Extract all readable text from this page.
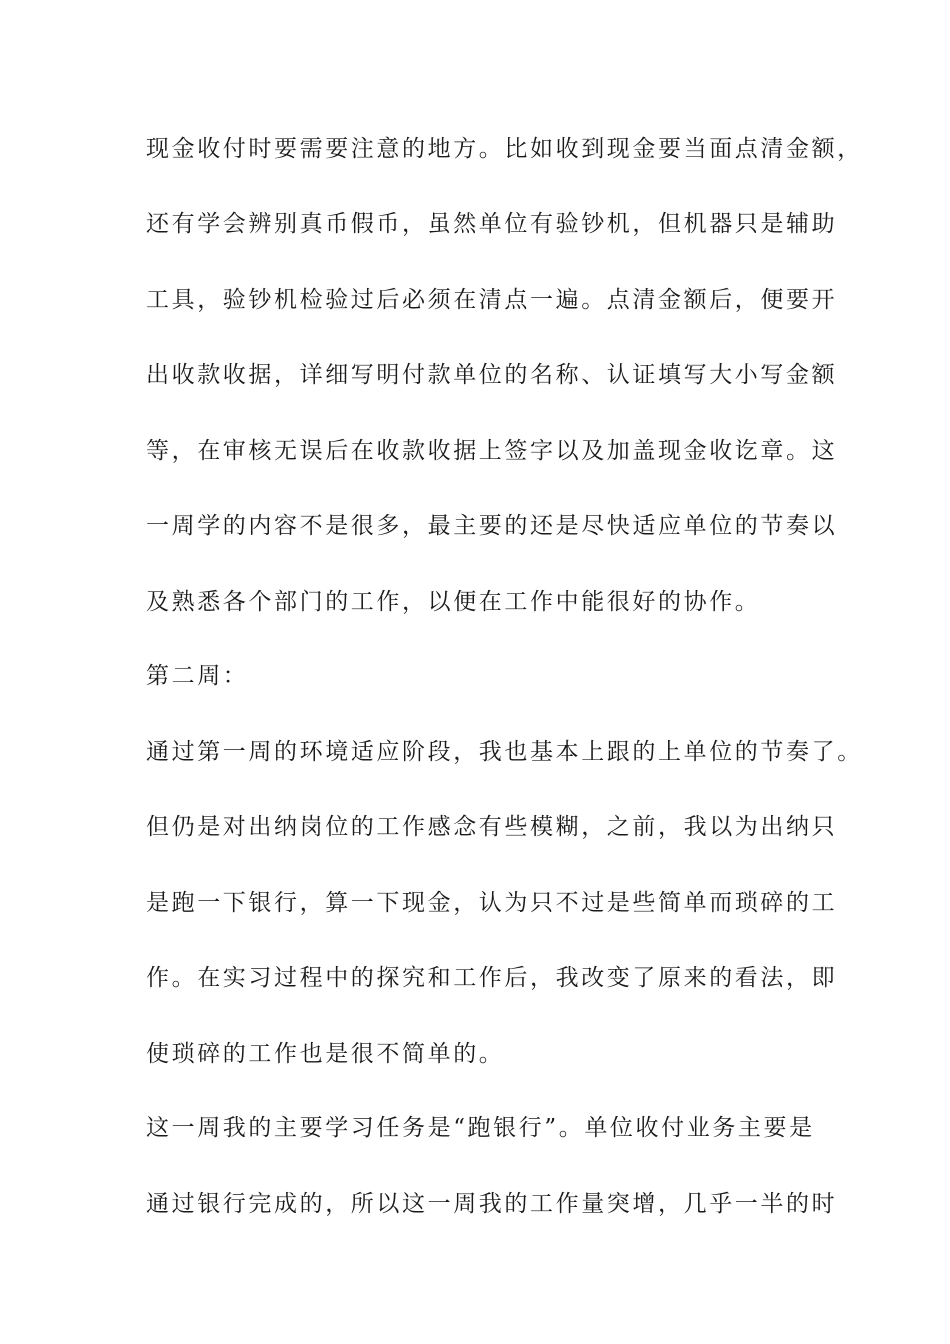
现金收付时要需要注意的地方。比如收到现金要当面点清金额，
还有学会辨别真币假币，虽然单位有验钞机，但机器只是辅助
工具，验钞机检验过后必须在清点一遍。点清金额后，便要开
出收款收据，详细写明付款单位的名称、认证填写大小写金额
等，在审核无误后在收款收据上签字以及加盖现金收讫章。这
一周学的内容不是很多，最主要的还是尽快适应单位的节奏以
及熟悉各个部门的工作，以便在工作中能很好的协作。
第二周：
通过第一周的环境适应阶段，我也基本上跟的上单位的节奏了。
但仍是对出纳岗位的工作感念有些模糊，之前，我以为出纳只
是跑一下银行，算一下现金，认为只不过是些简单而琐碎的工
作。在实习过程中的探究和工作后，我改变了原来的看法，即
使琐碎的工作也是很不简单的。
这一周我的主要学习任务是“跑银行”。单位收付业务主要是
通过银行完成的，所以这一周我的工作量突增，几乎一半的时
